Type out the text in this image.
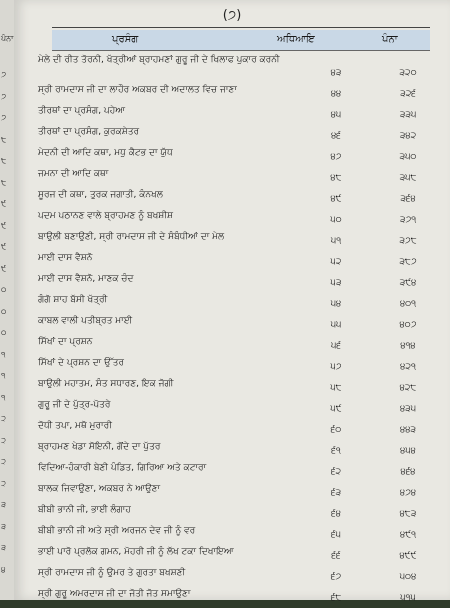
ਪੰਨਾ
੭
੭
੭
੮
੮
੮
੯
੯
੯
੯
੦
੦
੦
੧
੧
੧
੨
੨
੨
੨
੩
੩
੩
੪
(੭)
ਪ੍ਰਸੰਗ	ਅਧਿਆਇ	ਪੰਨਾ
ਮੇਲੇ ਦੀ ਰੀਤ ਤੋਰਨੀ, ਖੱਤ੍ਰੀਆਂ ਬ੍ਰਾਹਮਣਾਂ ਗੁਰੂ ਜੀ ਦੇ ਖਿਲਾਫ ਪੁਕਾਰ ਕਰਨੀ
੪੩	੩੨੦
ਸ੍ਰੀ ਰਾਮਦਾਸ ਜੀ ਦਾ ਲਾਹੌਰ ਅਕਬਰ ਦੀ ਅਦਾਲਤ ਵਿਚ ਜਾਣਾ	੪੪	੩੨੬
ਤੀਰਥਾਂ ਦਾ ਪ੍ਰਸੰਗ, ਪਹੇਆ	੪੫	੩੩੫
ਤੀਰਥਾਂ ਦਾ ਪ੍ਰਸੰਗ, ਕੁਰਕਸ਼ੇਤਰ	੪੬	੩੪੨
ਮੇਦਨੀ ਦੀ ਆਦਿ ਕਥਾ, ਮਧੁ ਕੈਟਭ ਦਾ ਯੁੱਧ	੪੭	੩੫੦
ਜਮਨਾ ਦੀ ਆਦਿ ਕਥਾ	੪੮	੩੫੮
ਸੂਰਜ ਦੀ ਕਥਾ, ਤੁਰਕ ਜਗਾਤੀ, ਕੰਨਖਲ	੪੯	੩੬੪
ਪਦਮ ਪਠਾਨਣ ਵਾਲੇ ਬ੍ਰਾਹਮਣ ਨੂੰ ਬਖਸ਼ੀਸ਼	੫੦	੩੭੧
ਬਾਉਲੀ ਬਣਾਉਣੀ, ਸ੍ਰੀ ਰਾਮਦਾਸ ਜੀ ਦੇ ਸੰਬੰਧੀਆਂ ਦਾ ਮੇਲ	੫੧	੩੭੮
ਮਾਈ ਦਾਸ ਵੈਸ਼ਨੋ	੫੨	੩੮੭
ਮਾਈ ਦਾਸ ਵੈਸ਼ਨੋ, ਮਾਣਕ ਚੰਦ	੫੩	੩੯੪
ਗੰਗੋ ਸ਼ਾਹ ਬੱਸੀ ਖੱਤ੍ਰੀ	੫੪	੪੦੧
ਕਾਬਲ ਵਾਲੀ ਪਤੀਬ੍ਰਤ ਮਾਈ	੫੫	੪੦੭
ਸਿੱਖਾਂ ਦਾ ਪ੍ਰਸ਼ਨ	੫੬	੪੧੪
ਸਿੱਖਾਂ ਦੇ ਪ੍ਰਸ਼ਨ ਦਾ ਉੱਤਰ	੫੭	੪੨੧
ਬਾਉਲੀ ਮਹਾਤਮ, ਸੰਤ ਸਧਾਰਣ, ਇਕ ਜੋਗੀ	੫੮	੪੨੮
ਗੁਰੂ ਜੀ ਦੇ ਪੁੱਤ੍ਰ-ਪੋਤਰੇ	੫੯	੪੩੫
ਦੋਧੀ ਤਪਾ, ਮਥੋ ਮੁਰਾਰੀ	੬੦	੪੪੩
ਬ੍ਰਾਹਮਣ ਖੇਡਾ ਸੋਇਨੀ, ਗੋਂਦੇ ਦਾ ਪੁੱਤਰ	੬੧	੪੫੪
ਵਿਦਿਆ-ਹੰਕਾਰੀ ਬੇਣੀ ਪੰਡਿਤ, ਗਿਰਿਆ ਅਤੇ ਕਟਾਰਾ	੬੨	੪੬੪
ਬਾਲਕ ਜਿਵਾਉਣਾ, ਅਕਬਰ ਨੇ ਆਉਣਾ	੬੩	੪੭੪
ਬੀਬੀ ਭਾਨੀ ਜੀ, ਭਾਈ ਲੰਗਾਹ	੬੪	੪੮੩
ਬੀਬੀ ਭਾਨੀ ਜੀ ਅਤੇ ਸ੍ਰੀ ਅਰਜਨ ਦੇਵ ਜੀ ਨੂੰ ਵਰ	੬੫	੪੯੧
ਭਾਈ ਪਾਰੋ ਪ੍ਰਲੋਕ ਗਮਨ, ਮੋਹਰੀ ਜੀ ਨੂੰ ਲੱਖ ਟਕਾ ਦਿਖਾਇਆ	੬੬	੪੯੯
ਸ੍ਰੀ ਰਾਮਦਾਸ ਜੀ ਨੂੰ ਉਮਰ ਤੇ ਗੁਰਤਾ ਬਖਸ਼ਣੀ	੬੭	੫੦੪
ਸ੍ਰੀ ਗੁਰੂ ਅਮਰਦਾਸ ਜੀ ਦਾ ਜੋਤੀ ਜੋਤ ਸਮਾਉਣਾ	੬੮	੫੧੫
